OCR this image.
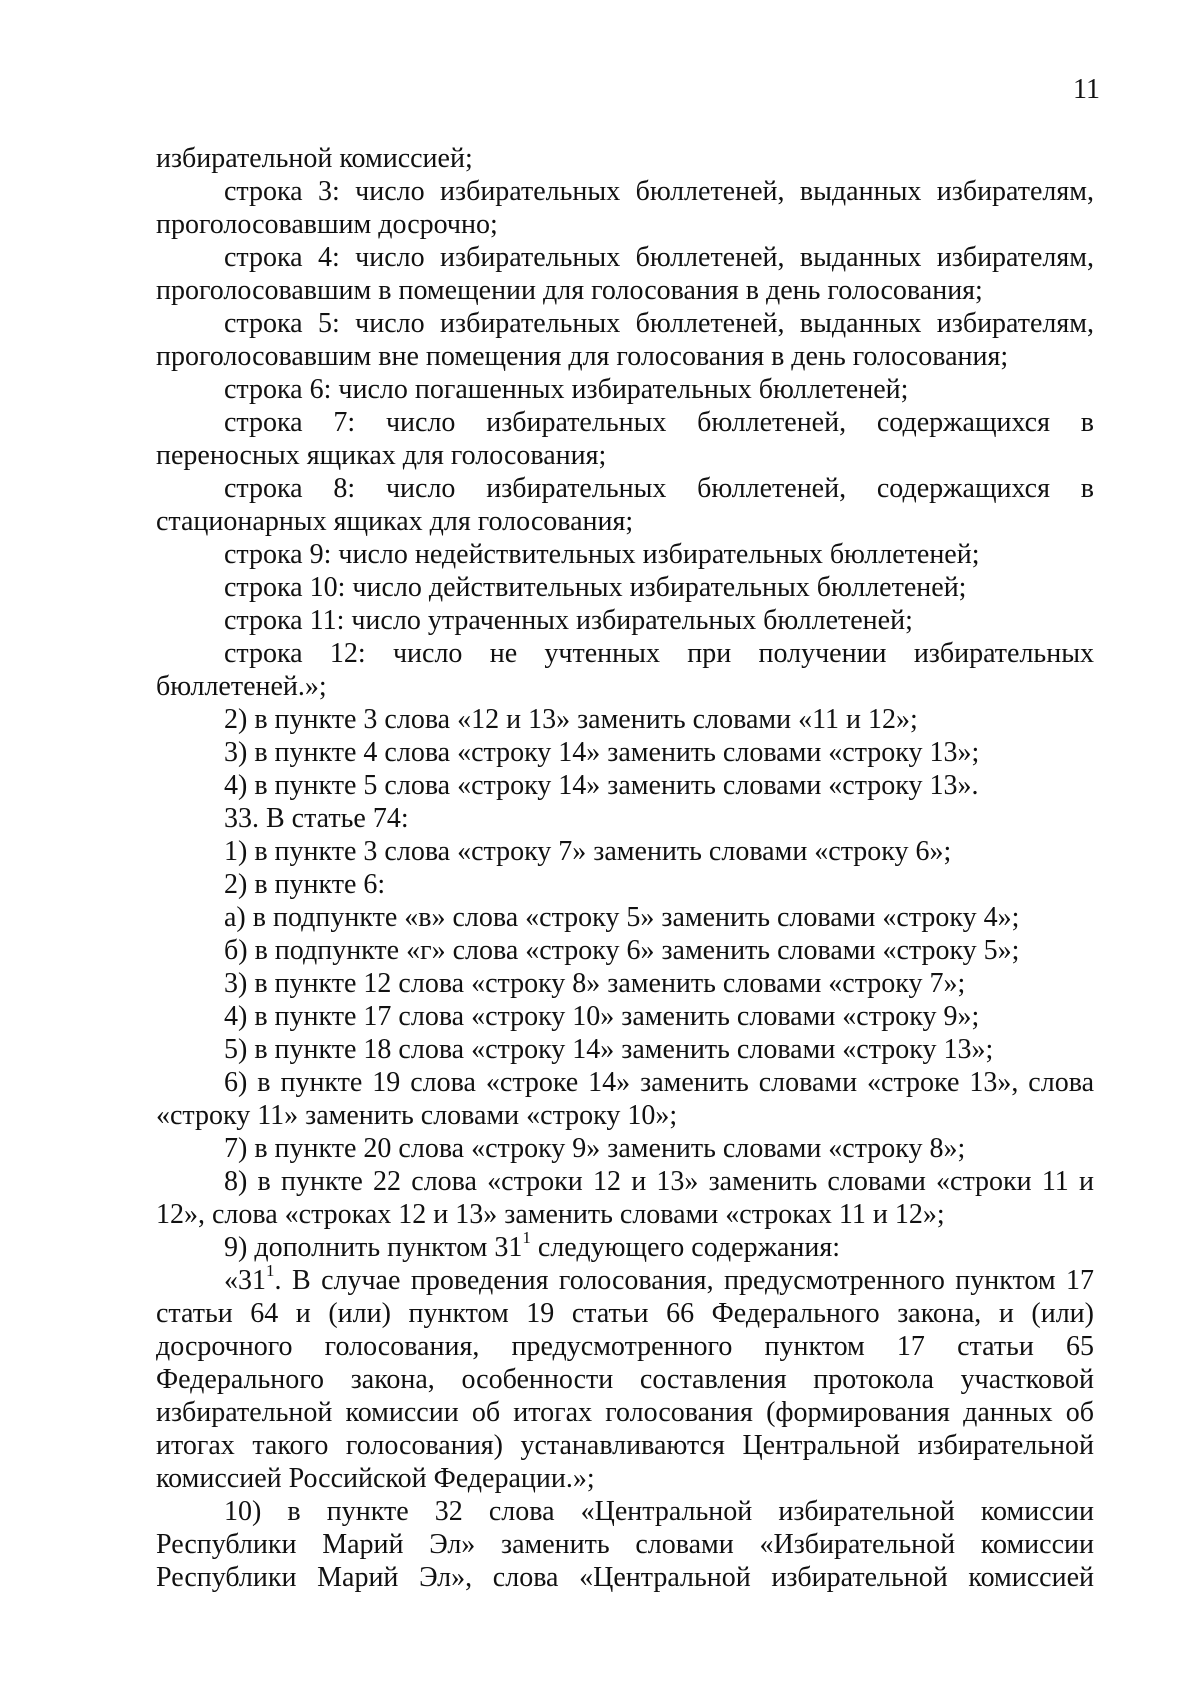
11

избирательной комиссией;

строка 3: число избирательных бюллетеней, выданных избирателям, проголосовавшим досрочно;

строка 4: число избирательных бюллетеней, выданных избирателям, проголосовавшим в помещении для голосования в день голосования;

строка 5: число избирательных бюллетеней, выданных избирателям, проголосовавшим вне помещения для голосования в день голосования;

строка 6: число погашенных избирательных бюллетеней;

строка 7: число избирательных бюллетеней, содержащихся в переносных ящиках для голосования;

строка 8: число избирательных бюллетеней, содержащихся в стационарных ящиках для голосования;

строка 9: число недействительных избирательных бюллетеней;

строка 10: число действительных избирательных бюллетеней;

строка 11: число утраченных избирательных бюллетеней;

строка 12: число не учтенных при получении избирательных бюллетеней.»;

2) в пункте 3 слова «12 и 13» заменить словами «11 и 12»;

3) в пункте 4 слова «строку 14» заменить словами «строку 13»;

4) в пункте 5 слова «строку 14» заменить словами «строку 13».

33. В статье 74:

1) в пункте 3 слова «строку 7» заменить словами «строку 6»;

2) в пункте 6:

а) в подпункте «в» слова «строку 5» заменить словами «строку 4»;

б) в подпункте «г» слова «строку 6» заменить словами «строку 5»;

3) в пункте 12 слова «строку 8» заменить словами «строку 7»;

4) в пункте 17 слова «строку 10» заменить словами «строку 9»;

5) в пункте 18 слова «строку 14» заменить словами «строку 13»;

6) в пункте 19 слова «строке 14» заменить словами «строке 13», слова «строку 11» заменить словами «строку 10»;

7) в пункте 20 слова «строку 9» заменить словами «строку 8»;

8) в пункте 22 слова «строки 12 и 13» заменить словами «строки 11 и 12», слова «строках 12 и 13» заменить словами «строках 11 и 12»;

9) дополнить пунктом $31^1$ следующего содержания:

«$31^1$. В случае проведения голосования, предусмотренного пунктом 17 статьи 64 и (или) пунктом 19 статьи 66 Федерального закона, и (или) досрочного голосования, предусмотренного пунктом 17 статьи 65 Федерального закона, особенности составления протокола участковой избирательной комиссии об итогах голосования (формирования данных об итогах такого голосования) устанавливаются Центральной избирательной комиссией Российской Федерации.»;

10) в пункте 32 слова «Центральной избирательной комиссии Республики Марий Эл» заменить словами «Избирательной комиссии Республики Марий Эл», слова «Центральной избирательной комиссией
